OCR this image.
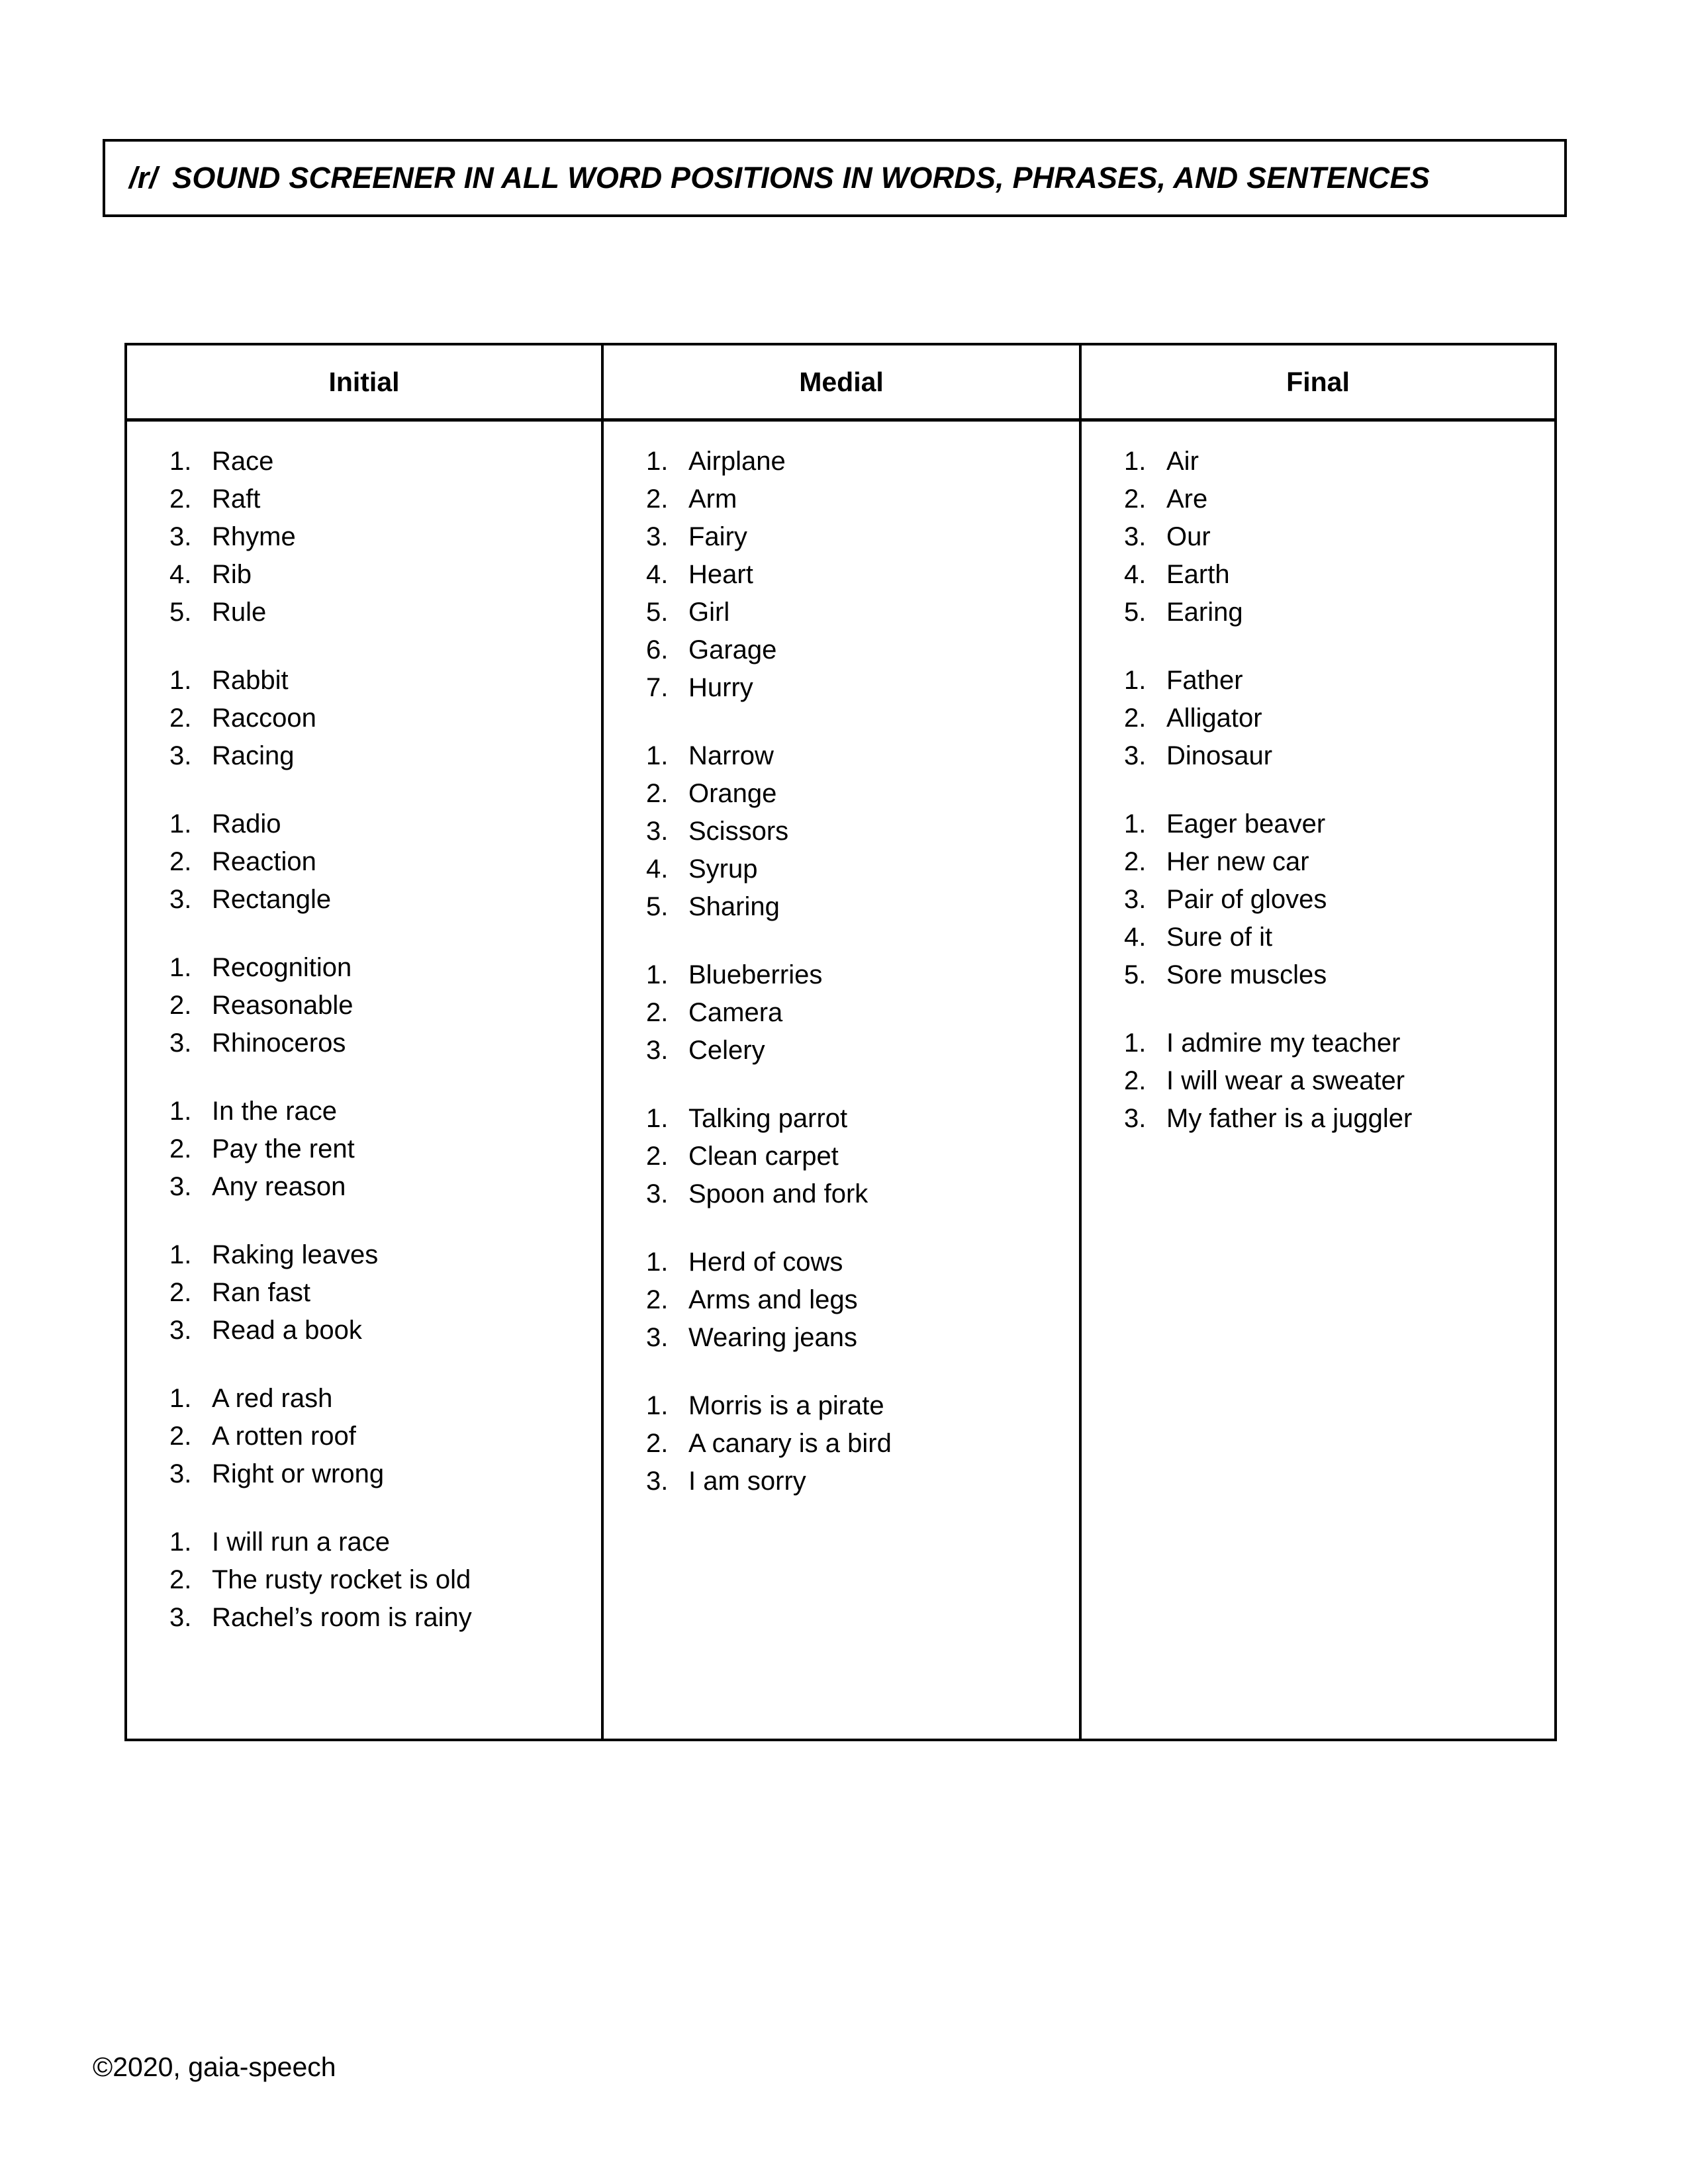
/r/ SOUND SCREENER IN ALL WORD POSITIONS IN WORDS, PHRASES, AND SENTENCES
Initial	Medial	Final
1. Race
2. Raft
3. Rhyme
4. Rib
5. Rule
1. Rabbit
2. Raccoon
3. Racing
1. Radio
2. Reaction
3. Rectangle
1. Recognition
2. Reasonable
3. Rhinoceros
1. In the race
2. Pay the rent
3. Any reason
1. Raking leaves
2. Ran fast
3. Read a book
1. A red rash
2. A rotten roof
3. Right or wrong
1. I will run a race
2. The rusty rocket is old
3. Rachel’s room is rainy
1. Airplane
2. Arm
3. Fairy
4. Heart
5. Girl
6. Garage
7. Hurry
1. Narrow
2. Orange
3. Scissors
4. Syrup
5. Sharing
1. Blueberries
2. Camera
3. Celery
1. Talking parrot
2. Clean carpet
3. Spoon and fork
1. Herd of cows
2. Arms and legs
3. Wearing jeans
1. Morris is a pirate
2. A canary is a bird
3. I am sorry
1. Air
2. Are
3. Our
4. Earth
5. Earing
1. Father
2. Alligator
3. Dinosaur
1. Eager beaver
2. Her new car
3. Pair of gloves
4. Sure of it
5. Sore muscles
1. I admire my teacher
2. I will wear a sweater
3. My father is a juggler
©2020, gaia-speech
